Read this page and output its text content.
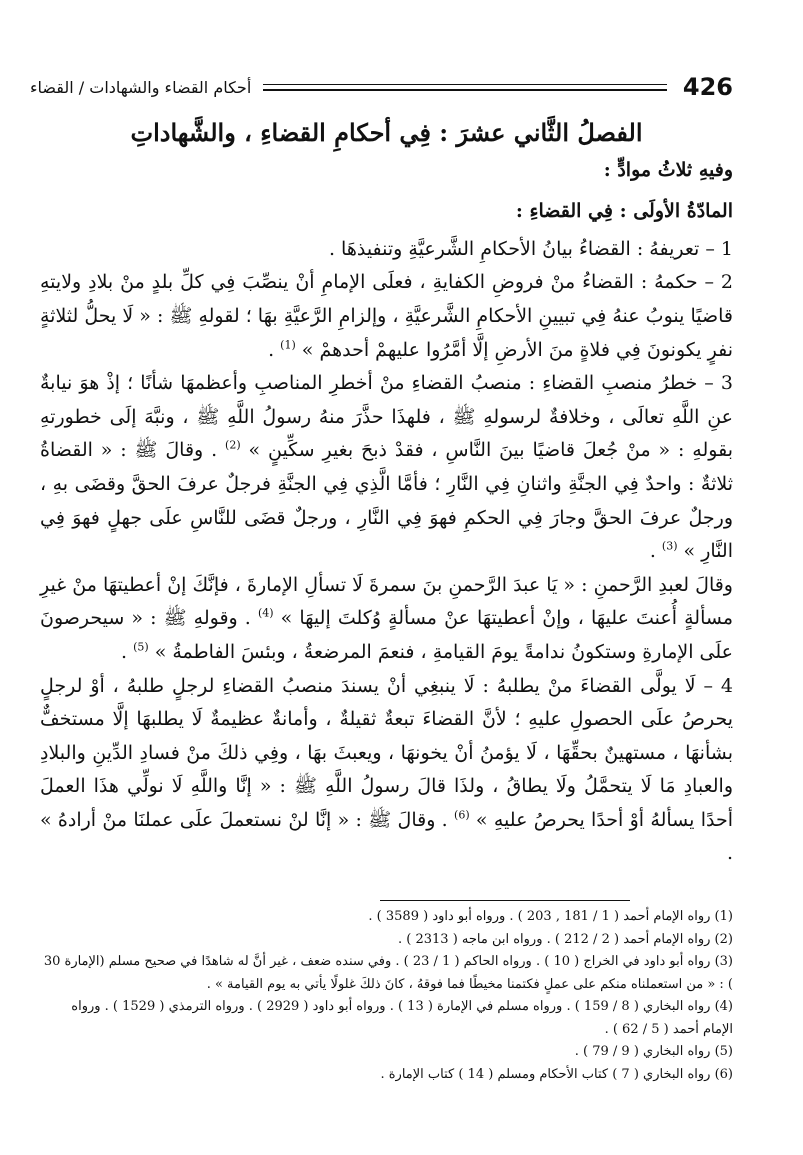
426
أحكام القضاء والشهادات / القضاء
الفصلُ الثَّاني عشرَ : فِي أحكامِ القضاءِ ، والشَّهاداتِ
وفيهِ ثلاثُ موادٍّ :
المادّةُ الأولَى : فِي القضاءِ :

1 – تعريفهُ : القضاءُ بيانُ الأحكامِ الشَّرعيَّةِ وتنفيذهَا .

2 – حكمهُ : القضاءُ منْ فروضِ الكفايةِ ، فعلَى الإمامِ أنْ ينصِّبَ فِي كلِّ بلدٍ منْ بلادِ ولايتهِ قاضيًا ينوبُ عنهُ فِي تبيينِ الأحكامِ الشَّرعيَّةِ ، وإلزامِ الرَّعيَّةِ بهَا ؛ لقولهِ ﷺ : « لَا يحلُّ لثلاثةٍ نفرٍ يكونونَ فِي فلاةٍ منَ الأرضِ إلَّا أمَّرُوا عليهمْ أحدهمْ » $^{(1)}$ .

3 – خطرُ منصبِ القضاءِ : منصبُ القضاءِ منْ أخطرِ المناصبِ وأعظمهَا شأنًا ؛ إذْ هوَ نيابةٌ عنِ اللَّهِ تعالَى ، وخلافةٌ لرسولهِ ﷺ ، فلهذَا حذَّرَ منهُ رسولُ اللَّهِ ﷺ ، ونبَّهَ إلَى خطورتهِ بقولهِ : « منْ جُعلَ قاضيًا بينَ النَّاسِ ، فقدْ ذبحَ بغيرِ سكِّينٍ » $^{(2)}$ . وقالَ ﷺ : « القضاةُ ثلاثةٌ : واحدٌ فِي الجنَّةِ واثنانِ فِي النَّارِ ؛ فأمَّا الَّذِي فِي الجنَّةِ فرجلٌ عرفَ الحقَّ وقضَى بهِ ، ورجلٌ عرفَ الحقَّ وجارَ فِي الحكمِ فهوَ فِي النَّارِ ، ورجلٌ قضَى للنَّاسِ علَى جهلٍ فهوَ فِي النَّارِ » $^{(3)}$ .

وقالَ لعبدِ الرَّحمنِ : « يَا عبدَ الرَّحمنِ بنَ سمرةَ لَا تسألِ الإمارةَ ، فإنَّكَ إنْ أعطيتهَا منْ غيرِ مسألةٍ أُعنتَ عليهَا ، وإنْ أعطيتهَا عنْ مسألةٍ وُكلتَ إليهَا » $^{(4)}$ . وقولهِ ﷺ : « سيحرصونَ علَى الإمارةِ وستكونُ ندامةً يومَ القيامةِ ، فنعمَ المرضعةُ ، وبئسَ الفاطمةُ » $^{(5)}$ .

4 – لَا يولَّى القضاءَ منْ يطلبهُ : لَا ينبغِي أنْ يسندَ منصبُ القضاءِ لرجلٍ طلبهُ ، أوْ لرجلٍ يحرصُ علَى الحصولِ عليهِ ؛ لأنَّ القضاءَ تبعةٌ ثقيلةٌ ، وأمانةٌ عظيمةٌ لَا يطلبهَا إلَّا مستخفٌّ بشأنهَا ، مستهينٌ بحقِّهَا ، لَا يؤمنُ أنْ يخونهَا ، ويعبثَ بهَا ، وفِي ذلكَ منْ فسادِ الدِّينِ والبلادِ والعبادِ مَا لَا يتحمَّلُ ولَا يطاقُ ، ولذَا قالَ رسولُ اللَّهِ ﷺ : « إنَّا واللَّهِ لَا نولِّي هذَا العملَ أحدًا يسألهُ أوْ أحدًا يحرصُ عليهِ » $^{(6)}$ . وقالَ ﷺ : « إنَّا لنْ نستعملَ علَى عملنَا منْ أرادهُ » .

(1) رواه الإمام أحمد ( 1 / 181 , 203 ) . ورواه أبو داود ( 3589 ) .

(2) رواه الإمام أحمد ( 2 / 212 ) . ورواه ابن ماجه ( 2313 ) .

(3) رواه أبو داود في الخراج ( 10 ) . ورواه الحاكم ( 1 / 23 ) . وفي سنده ضعف ، غير أنَّ له شاهدًا في صحيح مسلم (الإمارة 30 ) : « من استعملناه منكم على عملٍ فكتمنا مخيطًا فما فوقهُ ، كانَ ذلكَ غلولًا يأتي به يوم القيامة » .

(4) رواه البخاري ( 8 / 159 ) . ورواه مسلم في الإمارة ( 13 ) . ورواه أبو داود ( 2929 ) . ورواه الترمذي ( 1529 ) . ورواه الإمام أحمد ( 5 / 62 ) .

(5) رواه البخاري ( 9 / 79 ) .

(6) رواه البخاري ( 7 ) كتاب الأحكام ومسلم ( 14 ) كتاب الإمارة .
